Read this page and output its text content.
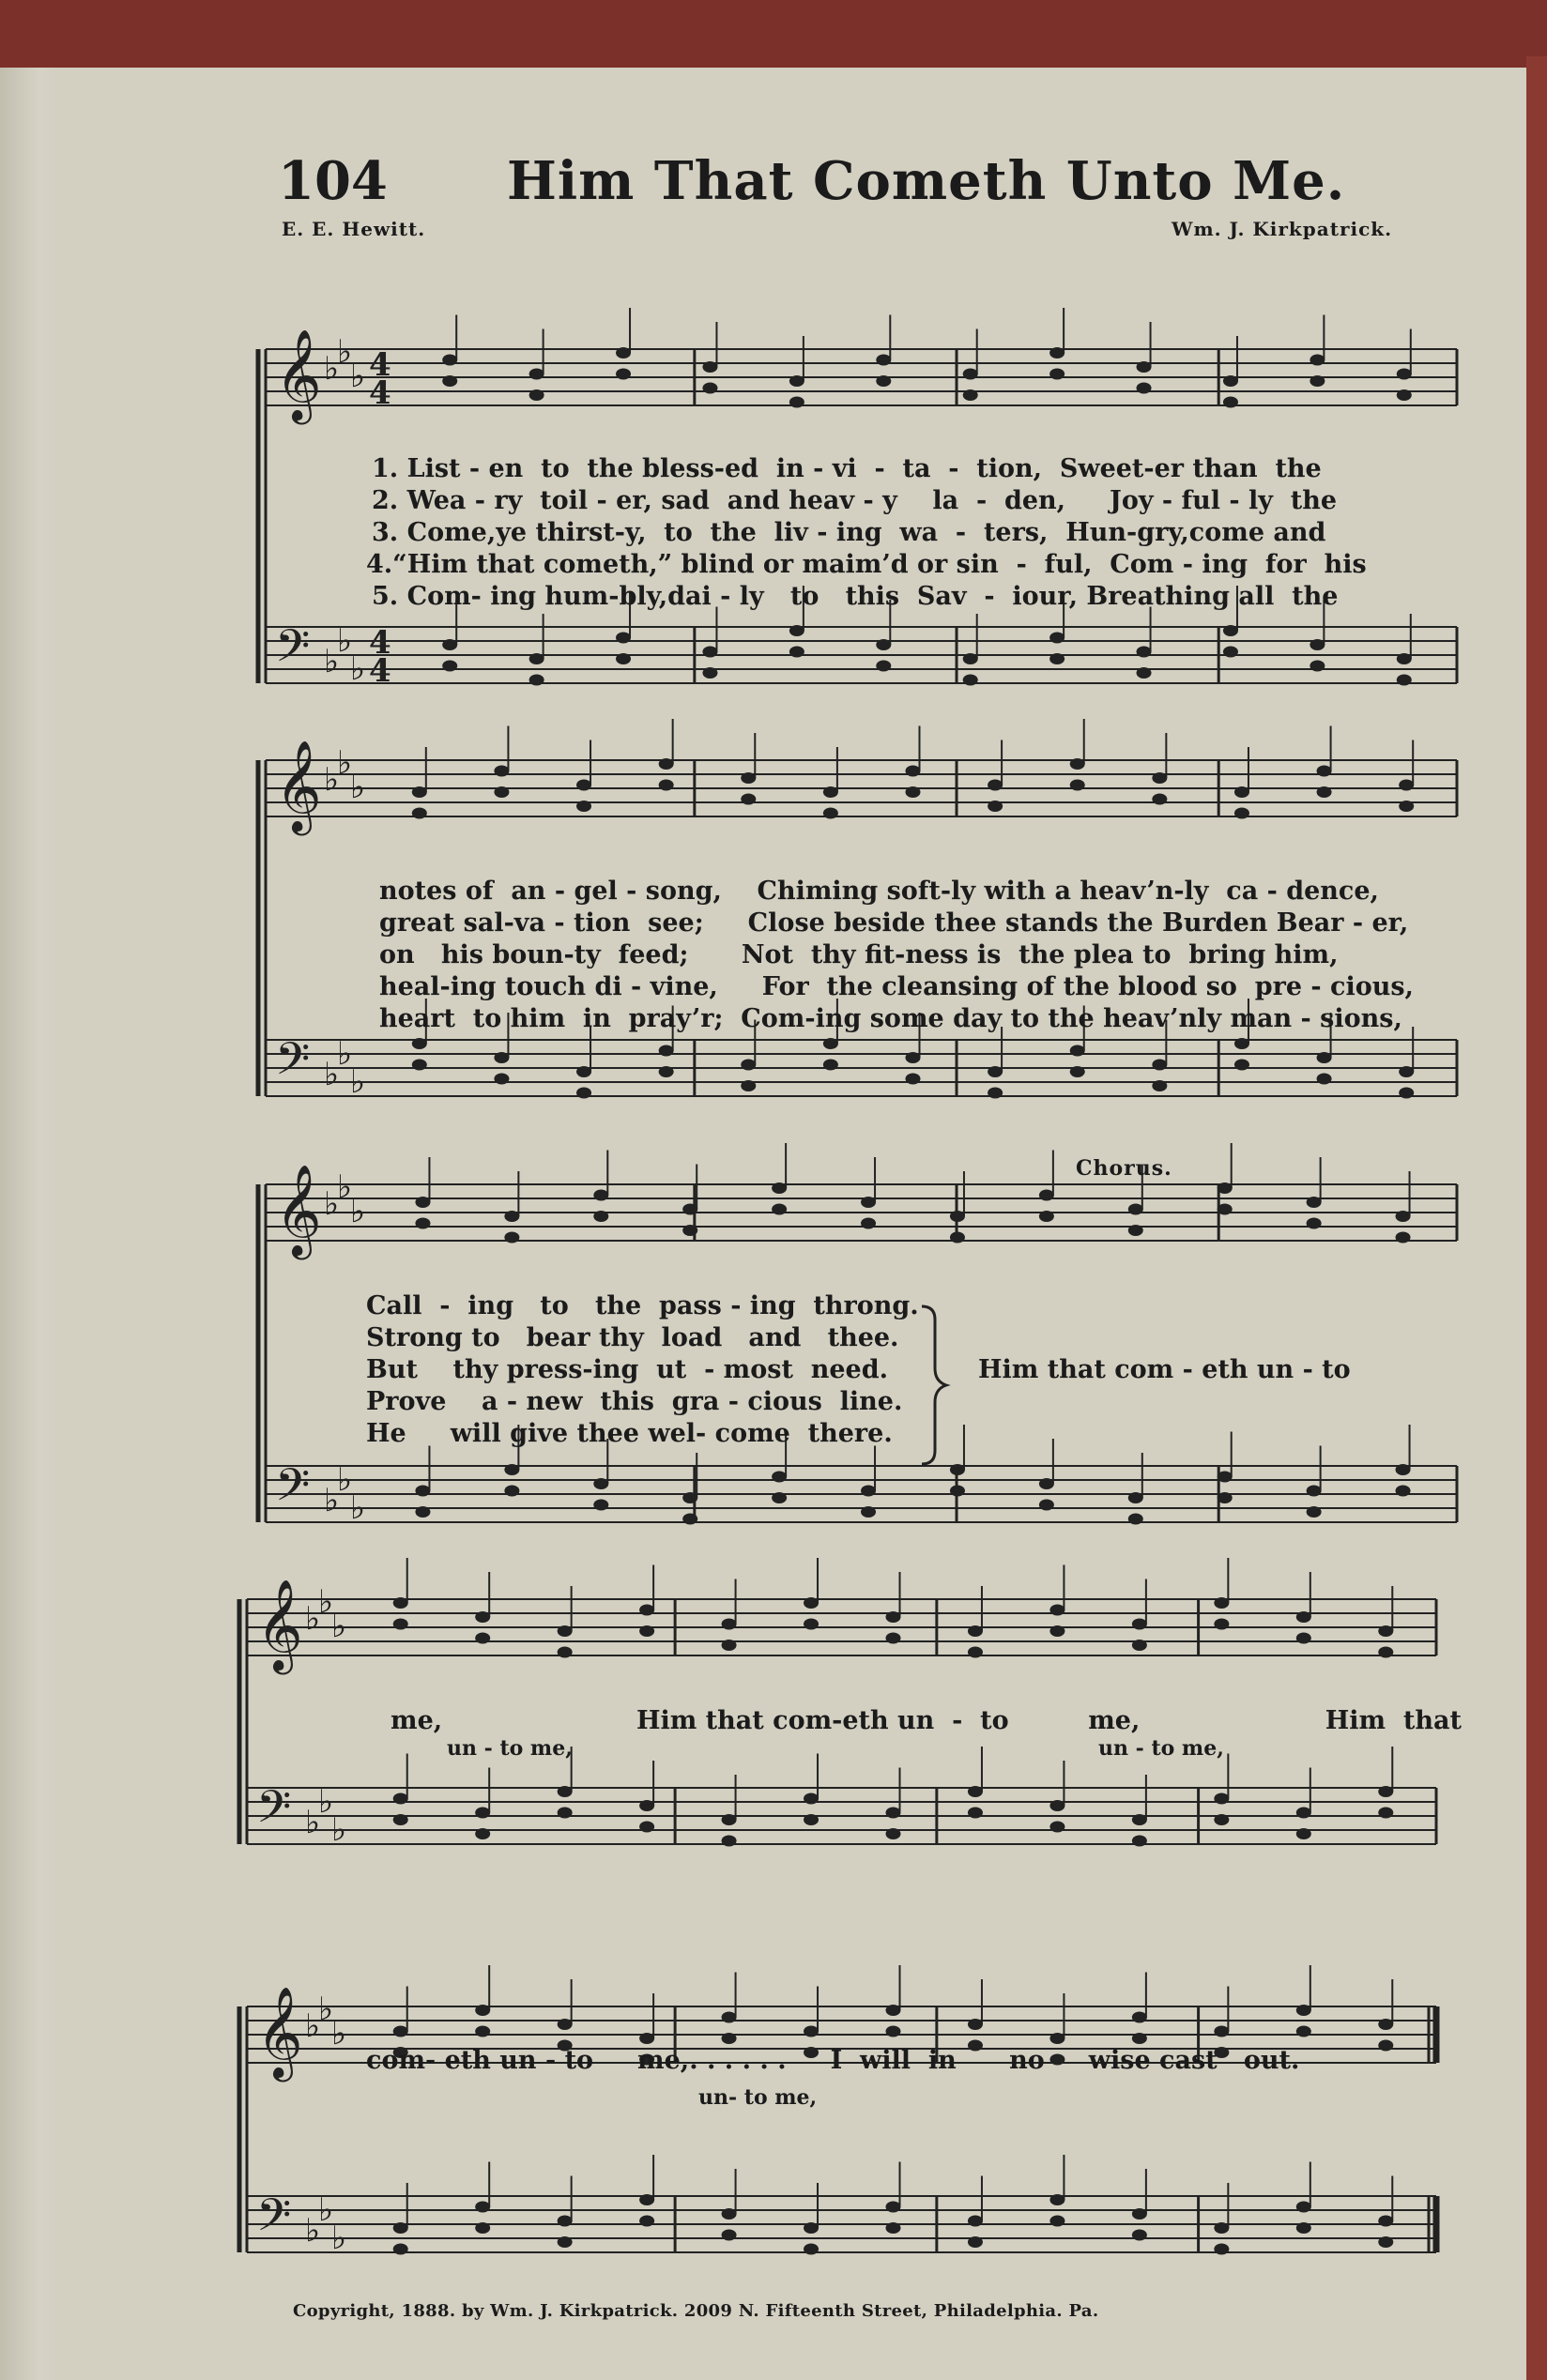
𝄞
𝄢
♭
♭
♭
♭
♭
♭
4
4
4
4
𝄞
𝄢
♭
♭
♭
♭
♭
♭
𝄞
𝄢
♭
♭
♭
♭
♭
♭
𝄞
𝄢
♭
♭
♭
♭
♭
♭
𝄞
𝄢
♭
♭
♭
♭
♭
♭
104 Him That Cometh Unto Me.
E. E. Hewitt.	Wm. J. Kirkpatrick.
Chorus.
1. List - en  to  the bless-ed  in - vi  -  ta  -  tion,  Sweet-er than  the
2. Wea - ry  toil - er, sad  and heav - y    la  -  den,     Joy - ful - ly  the
3. Come,ye thirst-y,  to  the  liv - ing  wa  -  ters,  Hun-gry,come and
4.“Him that cometh,” blind or maim’d or sin  -  ful,  Com - ing  for  his
5. Com- ing hum-bly,dai - ly   to   this  Sav  -  iour, Breathing all  the
notes of  an - gel - song,    Chiming soft-ly with a heav’n-ly  ca - dence,
great sal-va - tion  see;     Close beside thee stands the Burden Bear - er,
on   his boun-ty  feed;      Not  thy fit-ness is  the plea to  bring him,
heal-ing touch di - vine,     For  the cleansing of the blood so  pre - cious,
heart  to him  in  pray’r;  Com-ing some day to the heav’nly man - sions,
Call  -  ing   to   the  pass - ing  throng.
Strong to   bear thy  load   and   thee.
But    thy press-ing  ut  - most  need.
Prove    a - new  this  gra - cious  line.
He     will give thee wel- come  there.
Him that com - eth un - to
me,                      Him that com-eth un  -  to         me,                     Him  that
un - to me,	un - to me,
com- eth un - to     me,. . . . . .     I  will  in      no     wise cast   out.
un- to me,
Copyright, 1888. by Wm. J. Kirkpatrick. 2009 N. Fifteenth Street, Philadelphia. Pa.
